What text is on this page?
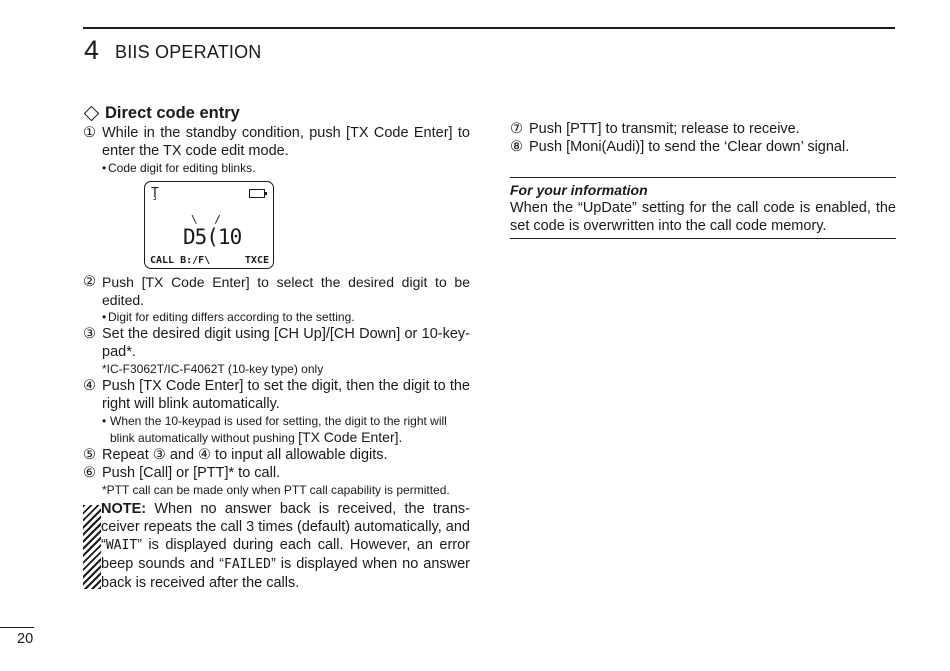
4 BIIS OPERATION
Direct code entry
① While in the standby condition, push [TX Code Enter] to enter the TX code edit mode.
• Code digit for editing blinks.
Ţ
\ /
D5(10
CALL B:/F\	TXCE
② Push [TX Code Enter] to select the desired digit to be edited.
• Digit for editing differs according to the setting.
③ Set the desired digit using [CH Up]/[CH Down] or 10-key-pad*.
*IC-F3062T/IC-F4062T (10-key type) only
④ Push [TX Code Enter] to set the digit, then the digit to the right will blink automatically.
• When the 10-keypad is used for setting, the digit to the right will blink automatically without pushing [TX Code Enter].
⑤ Repeat ③ and ④ to input all allowable digits.
⑥ Push [Call] or [PTT]* to call.
*PTT call can be made only when PTT call capability is permitted.
NOTE: When no answer back is received, the trans-ceiver repeats the call 3 times (default) automatically, and “WAIT” is displayed during each call. However, an error beep sounds and “FAILED” is displayed when no answer back is received after the calls.
⑦ Push [PTT] to transmit; release to receive.
⑧ Push [Moni(Audi)] to send the ‘Clear down’ signal.
For your information
When the “UpDate” setting for the call code is enabled, the set code is overwritten into the call code memory.
20
